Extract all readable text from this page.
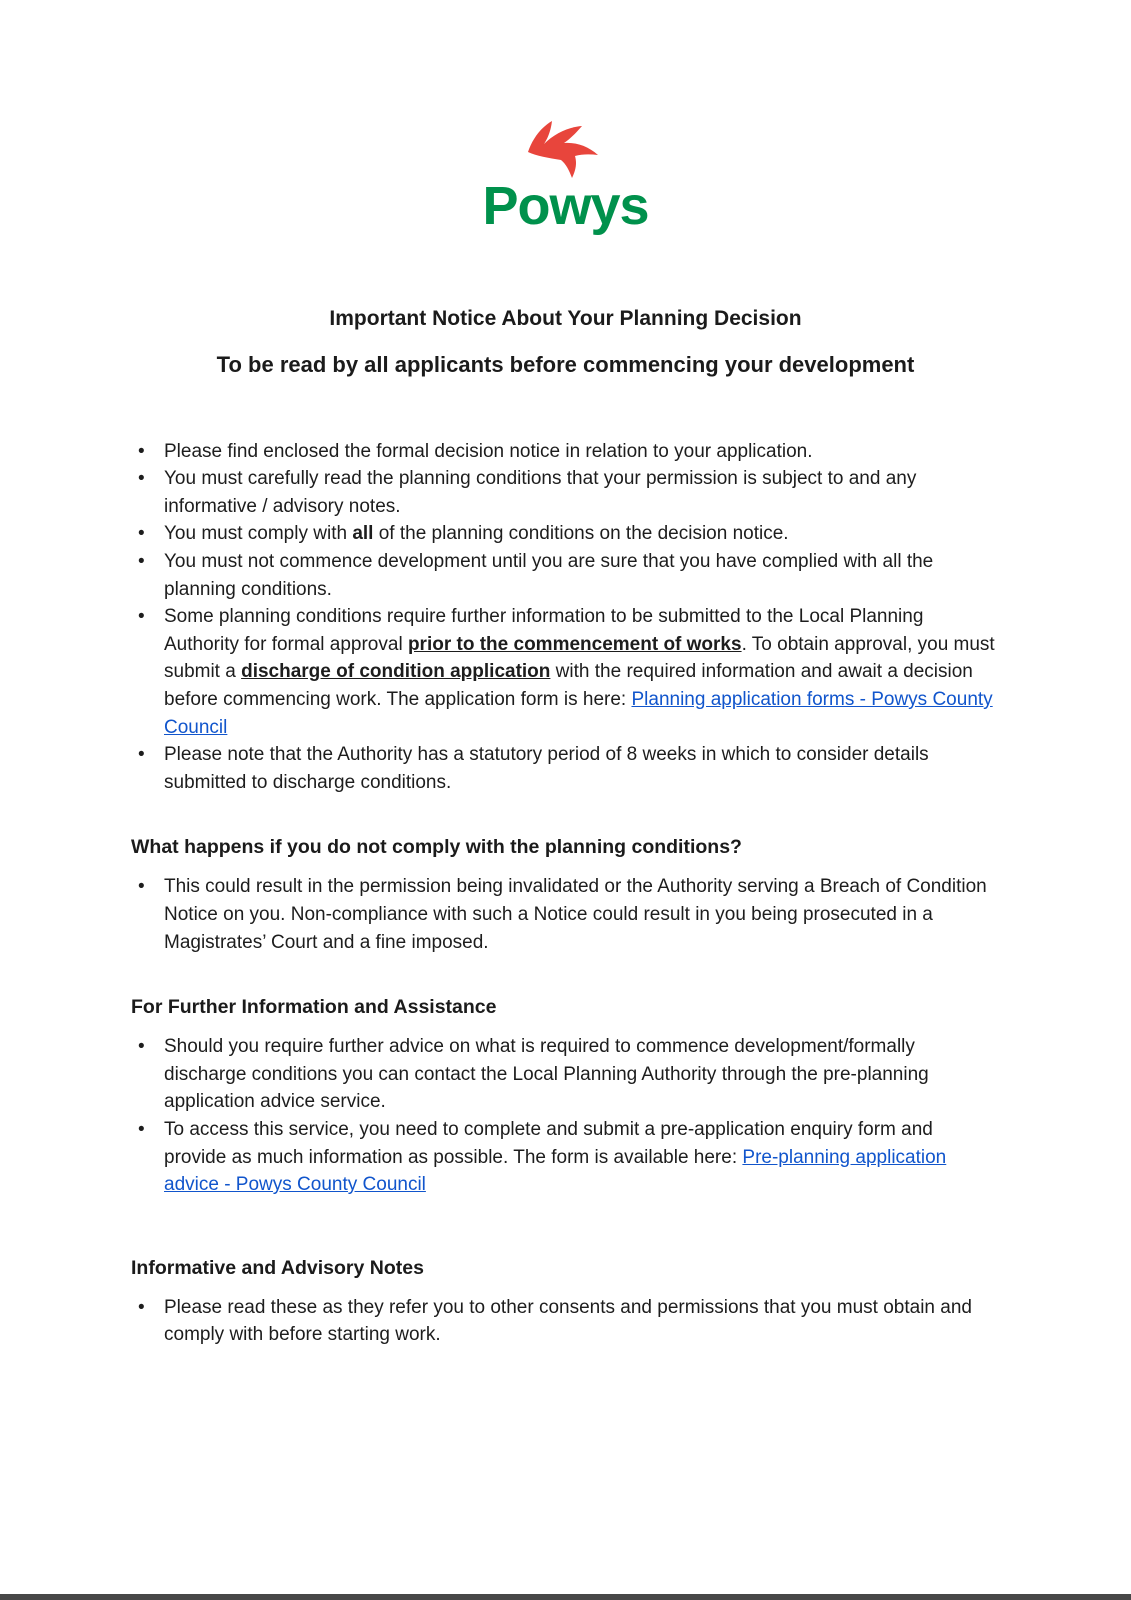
Powys
Important Notice About Your Planning Decision
To be read by all applicants before commencing your development
• Please find enclosed the formal decision notice in relation to your application.
• You must carefully read the planning conditions that your permission is subject to and any informative / advisory notes.
• You must comply with all of the planning conditions on the decision notice.
• You must not commence development until you are sure that you have complied with all the planning conditions.
• Some planning conditions require further information to be submitted to the Local Planning Authority for formal approval prior to the commencement of works. To obtain approval, you must submit a discharge of condition application with the required information and await a decision before commencing work. The application form is here: Planning application forms - Powys County Council
• Please note that the Authority has a statutory period of 8 weeks in which to consider details submitted to discharge conditions.
What happens if you do not comply with the planning conditions?
• This could result in the permission being invalidated or the Authority serving a Breach of Condition Notice on you. Non-compliance with such a Notice could result in you being prosecuted in a Magistrates’ Court and a fine imposed.
For Further Information and Assistance
• Should you require further advice on what is required to commence development/formally discharge conditions you can contact the Local Planning Authority through the pre-planning application advice service.
• To access this service, you need to complete and submit a pre-application enquiry form and provide as much information as possible. The form is available here: Pre-planning application advice - Powys County Council
Informative and Advisory Notes
• Please read these as they refer you to other consents and permissions that you must obtain and comply with before starting work.
